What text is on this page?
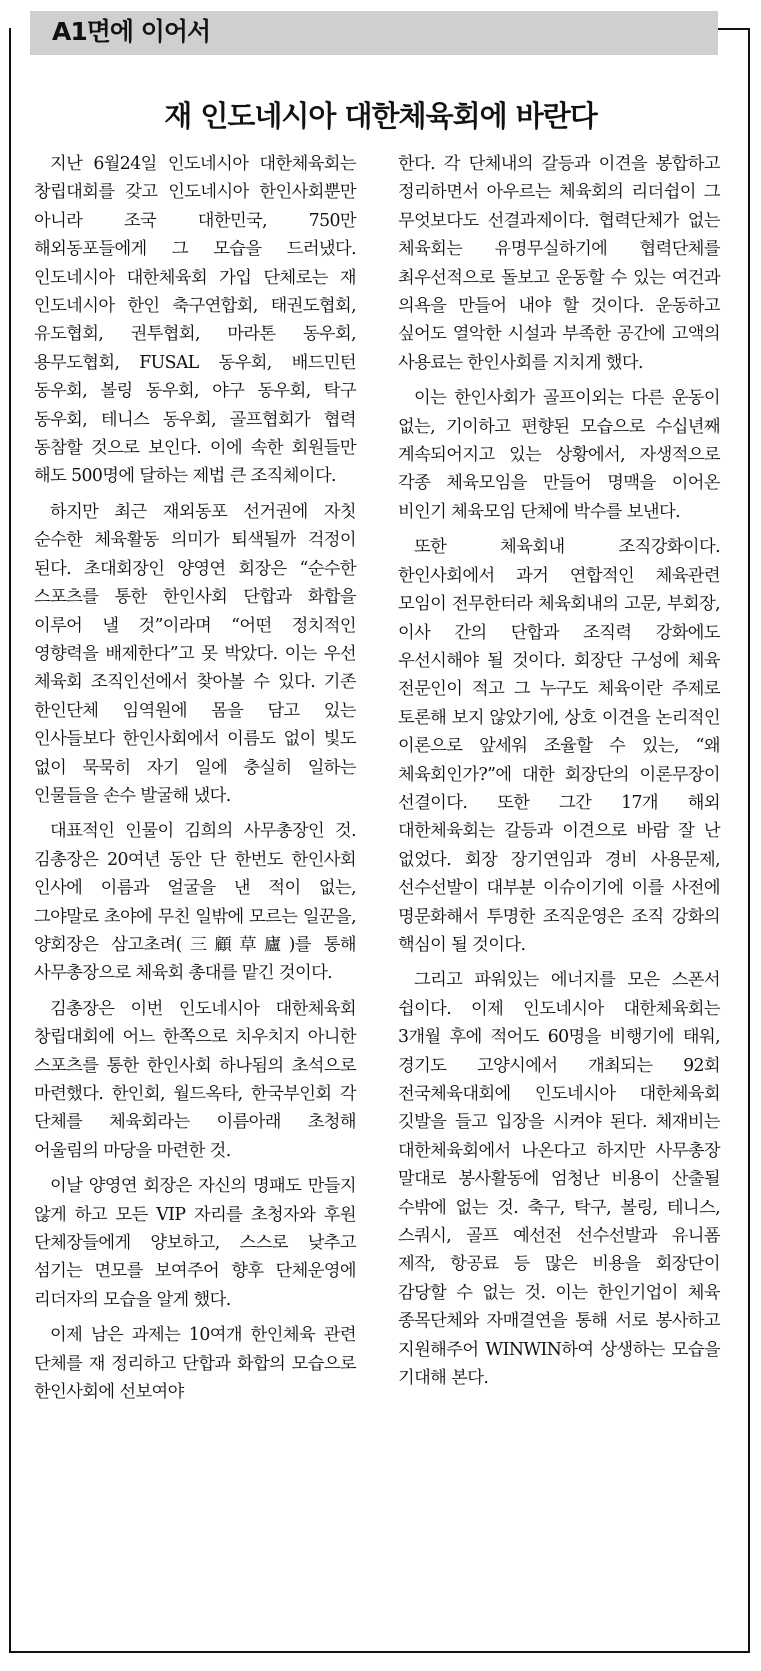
A1면에 이어서
재 인도네시아 대한체육회에 바란다

지난 6월24일 인도네시아 대한체육회는 창립대회를 갖고 인도네시아 한인사회뿐만 아니라 조국 대한민국, 750만 해외동포들에게 그 모습을 드러냈다. 인도네시아 대한체육회 가입 단체로는 재 인도네시아 한인 축구연합회, 태권도협회, 유도협회, 권투협회, 마라톤 동우회, 용무도협회, FUSAL 동우회, 배드민턴 동우회, 볼링 동우회, 야구 동우회, 탁구 동우회, 테니스 동우회, 골프협회가 협력 동참할 것으로 보인다. 이에 속한 회원들만 해도 500명에 달하는 제법 큰 조직체이다.

하지만 최근 재외동포 선거권에 자칫 순수한 체육활동 의미가 퇴색될까 걱정이 된다. 초대회장인 양영연 회장은 “순수한 스포츠를 통한 한인사회 단합과 화합을 이루어 낼 것”이라며 “어떤 정치적인 영향력을 배제한다”고 못 박았다. 이는 우선 체육회 조직인선에서 찾아볼 수 있다. 기존 한인단체 임역원에 몸을 담고 있는 인사들보다 한인사회에서 이름도 없이 빛도 없이 묵묵히 자기 일에 충실히 일하는 인물들을 손수 발굴해 냈다.

대표적인 인물이 김희의 사무총장인 것. 김총장은 20여년 동안 단 한번도 한인사회 인사에 이름과 얼굴을 낸 적이 없는, 그야말로 초야에 무친 일밖에 모르는 일꾼을, 양회장은 삼고초려(三顧草廬)를 통해 사무총장으로 체육회 총대를 맡긴 것이다.

김총장은 이번 인도네시아 대한체육회 창립대회에 어느 한쪽으로 치우치지 아니한 스포츠를 통한 한인사회 하나됨의 초석으로 마련했다. 한인회, 월드옥타, 한국부인회 각 단체를 체육회라는 이름아래 초청해 어울림의 마당을 마련한 것.

이날 양영연 회장은 자신의 명패도 만들지 않게 하고 모든 VIP 자리를 초청자와 후원 단체장들에게 양보하고, 스스로 낮추고 섬기는 면모를 보여주어 향후 단체운영에 리더자의 모습을 알게 했다.

이제 남은 과제는 10여개 한인체육 관련 단체를 재 정리하고 단합과 화합의 모습으로 한인사회에 선보여야

한다. 각 단체내의 갈등과 이견을 봉합하고 정리하면서 아우르는 체육회의 리더쉽이 그 무엇보다도 선결과제이다. 협력단체가 없는 체육회는 유명무실하기에 협력단체를 최우선적으로 돌보고 운동할 수 있는 여건과 의욕을 만들어 내야 할 것이다. 운동하고 싶어도 열악한 시설과 부족한 공간에 고액의 사용료는 한인사회를 지치게 했다.

이는 한인사회가 골프이외는 다른 운동이 없는, 기이하고 편향된 모습으로 수십년째 계속되어지고 있는 상황에서, 자생적으로 각종 체육모임을 만들어 명맥을 이어온 비인기 체육모임 단체에 박수를 보낸다.

또한 체육회내 조직강화이다. 한인사회에서 과거 연합적인 체육관련 모임이 전무한터라 체육회내의 고문, 부회장, 이사 간의 단합과 조직력 강화에도 우선시해야 될 것이다. 회장단 구성에 체육 전문인이 적고 그 누구도 체육이란 주제로 토론해 보지 않았기에, 상호 이견을 논리적인 이론으로 앞세워 조율할 수 있는, “왜 체육회인가?”에 대한 회장단의 이론무장이 선결이다. 또한 그간 17개 해외 대한체육회는 갈등과 이견으로 바람 잘 난 없었다. 회장 장기연임과 경비 사용문제, 선수선발이 대부분 이슈이기에 이를 사전에 명문화해서 투명한 조직운영은 조직 강화의 핵심이 될 것이다.

그리고 파워있는 에너지를 모은 스폰서 쉽이다. 이제 인도네시아 대한체육회는 3개월 후에 적어도 60명을 비행기에 태워, 경기도 고양시에서 개최되는 92회 전국체육대회에 인도네시아 대한체육회 깃발을 들고 입장을 시켜야 된다. 체재비는 대한체육회에서 나온다고 하지만 사무총장 말대로 봉사활동에 엄청난 비용이 산출될 수밖에 없는 것. 축구, 탁구, 볼링, 테니스, 스쿼시, 골프 예선전 선수선발과 유니폼 제작, 항공료 등 많은 비용을 회장단이 감당할 수 없는 것. 이는 한인기업이 체육 종목단체와 자매결연을 통해 서로 봉사하고 지원해주어 WINWIN하여 상생하는 모습을 기대해 본다.
